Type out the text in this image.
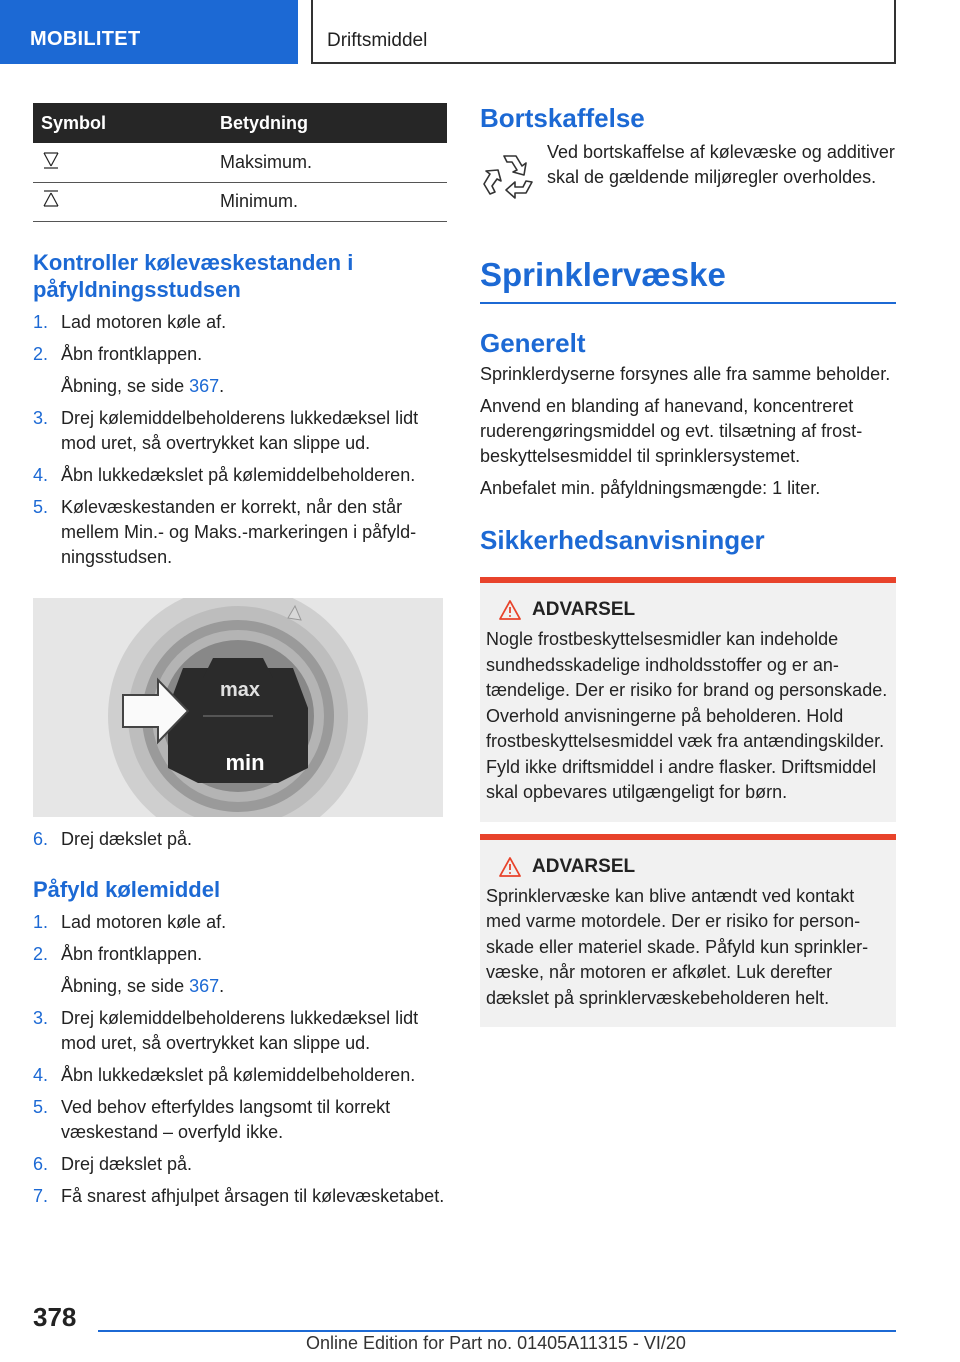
MOBILITET	Driftsmiddel
Symbol	Betydning
	Maksimum.
	Minimum.
Kontroller kølevæskestanden i påfyldningsstudsen
1. Lad motoren køle af.
2. Åbn frontklappen.
Åbning, se side 367.
3. Drej kølemiddelbeholderens lukkedæksel lidt mod uret, så overtrykket kan slippe ud.
4. Åbn lukkedækslet på kølemiddelbeholderen.
5. Kølevæskestanden er korrekt, når den står mellem Min.- og Maks.-markeringen i påfyldningsstudsen.
max
min
6. Drej dækslet på.
Påfyld kølemiddel
1. Lad motoren køle af.
2. Åbn frontklappen.
Åbning, se side 367.
3. Drej kølemiddelbeholderens lukkedæksel lidt mod uret, så overtrykket kan slippe ud.
4. Åbn lukkedækslet på kølemiddelbeholderen.
5. Ved behov efterfyldes langsomt til korrekt væskestand – overfyld ikke.
6. Drej dækslet på.
7. Få snarest afhjulpet årsagen til kølevæsketabet.
Bortskaffelse

Ved bortskaffelse af kølevæske og additiver skal de gældende miljøregler overholdes.

Sprinklervæske
Generelt

Sprinklerdyserne forsynes alle fra samme beholder.

Anvend en blanding af hanevand, koncentreret ruderengøringsmiddel og evt. tilsætning af frostbeskyttelsesmiddel til sprinklersystemet.

Anbefalet min. påfyldningsmængde: 1 liter.

Sikkerhedsanvisninger
ADVARSEL
Nogle frostbeskyttelsesmidler kan indeholde sundhedsskadelige indholdsstoffer og er antændelige. Der er risiko for brand og personskade. Overhold anvisningerne på beholderen. Hold frostbeskyttelsesmiddel væk fra antændingskilder. Fyld ikke driftsmiddel i andre flasker. Driftsmiddel skal opbevares utilgængeligt for børn.
ADVARSEL
Sprinklervæske kan blive antændt ved kontakt med varme motordele. Der er risiko for personskade eller materiel skade. Påfyld kun sprinklervæske, når motoren er afkølet. Luk derefter dækslet på sprinklervæskebeholderen helt.
378
Online Edition for Part no. 01405A11315 - VI/20
